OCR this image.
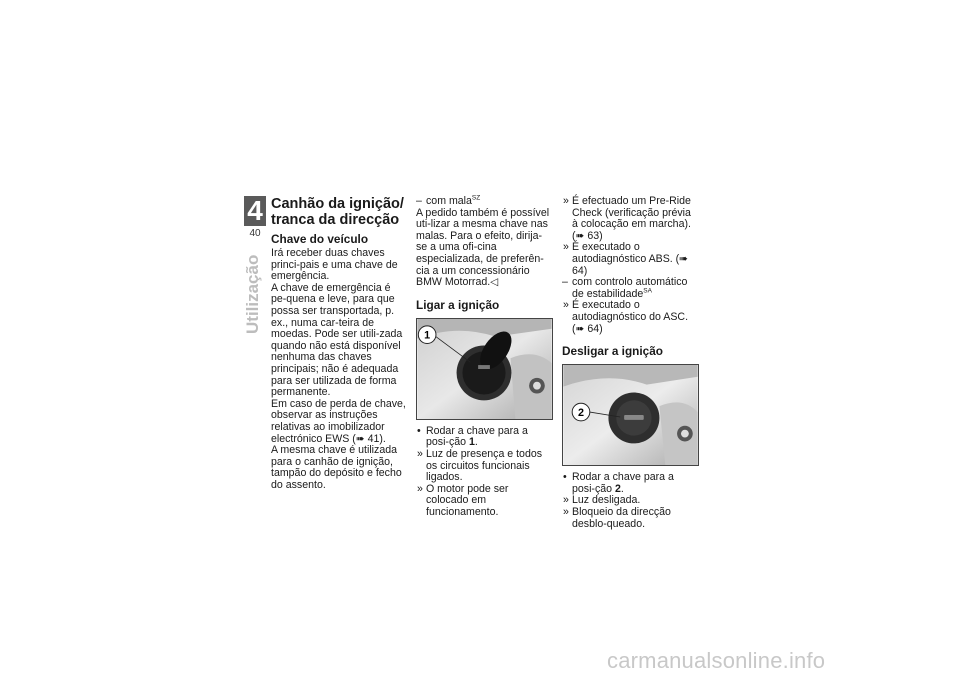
4
40
Utilização
Canhão da ignição/ tranca da direcção
Chave do veículo

Irá receber duas chaves princi-pais e uma chave de emergência.

A chave de emergência é pe-quena e leve, para que possa ser transportada, p. ex., numa car-teira de moedas. Pode ser utili-zada quando não está disponível nenhuma das chaves principais; não é adequada para ser utilizada de forma permanente.

Em caso de perda de chave, observar as instruções relativas ao imobilizador electrónico EWS (➠ 41).

A mesma chave é utilizada para o canhão de ignição, tampão do depósito e fecho do assento.

– com mala$^{SZ}$

A pedido também é possível uti-lizar a mesma chave nas malas. Para o efeito, dirija-se a uma ofi-cina especializada, de preferên-cia a um concessionário BMW Motorrad.◁

Ligar a ignição
1

• Rodar a chave para a posi-ção 1.

» Luz de presença e todos os circuitos funcionais ligados.

» O motor pode ser colocado em funcionamento.

» É efectuado um Pre-Ride Check (verificação prévia à colocação em marcha). (➠ 63)

» É executado o autodiagnóstico ABS. (➠ 64)

– com controlo automático de estabilidade$^{SA}$

» É executado o autodiagnóstico do ASC. (➠ 64)

Desligar a ignição
2

• Rodar a chave para a posi-ção 2.

» Luz desligada.

» Bloqueio da direcção desblo-queado.

carmanualsonline.info
